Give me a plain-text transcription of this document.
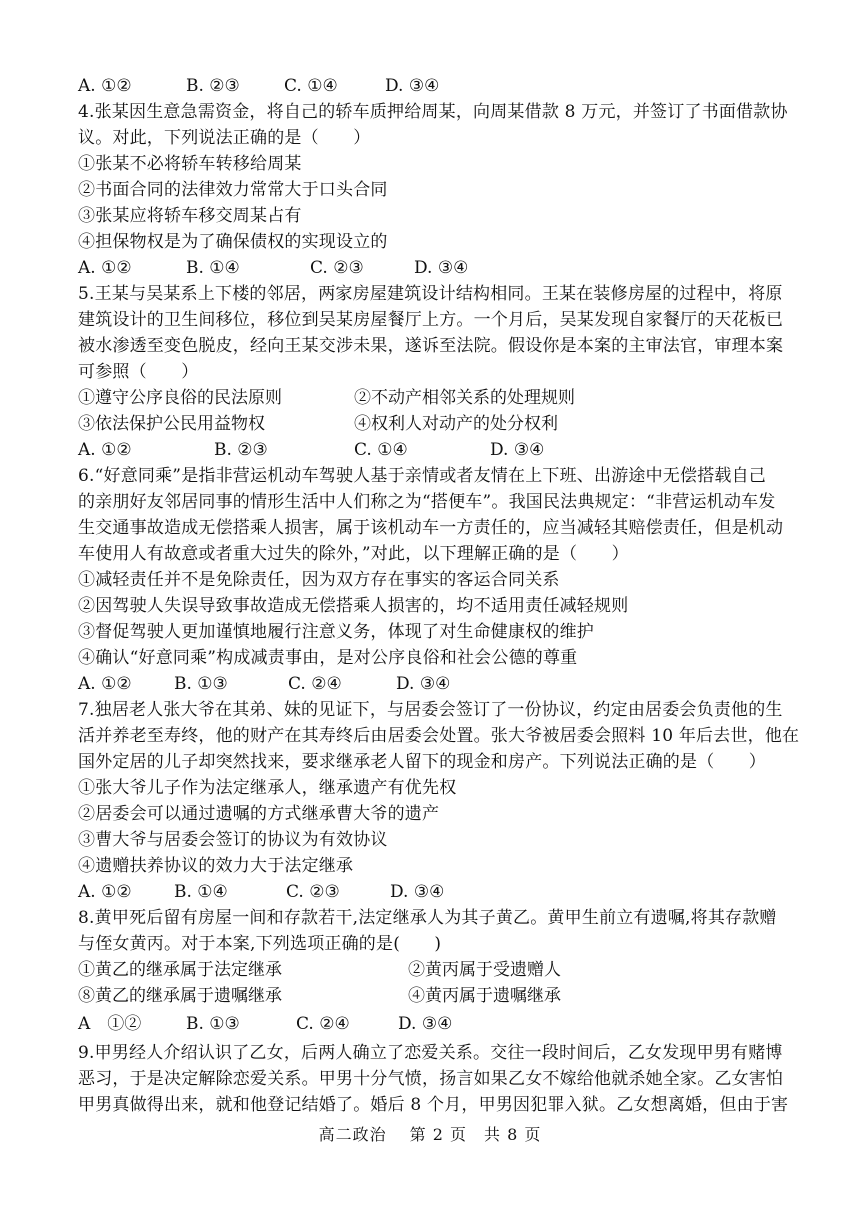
A. ①②	B. ②③	C. ①④	D. ③④
4.张某因生意急需资金，将自己的轿车质押给周某，向周某借款 8 万元，并签订了书面借款协
议。对此，下列说法正确的是（　　）
①张某不必将轿车转移给周某
②书面合同的法律效力常常大于口头合同
③张某应将轿车移交周某占有
④担保物权是为了确保债权的实现设立的
A. ①②	B. ①④	C. ②③	D. ③④
5.王某与吴某系上下楼的邻居，两家房屋建筑设计结构相同。王某在装修房屋的过程中，将原
建筑设计的卫生间移位，移位到吴某房屋餐厅上方。一个月后，吴某发现自家餐厅的天花板已
被水渗透至变色脱皮，经向王某交涉未果，遂诉至法院。假设你是本案的主审法官，审理本案
可参照（　　）
①遵守公序良俗的民法原则	②不动产相邻关系的处理规则
③依法保护公民用益物权	④权利人对动产的处分权利
A. ①②	B. ②③	C. ①④	D. ③④
6.“好意同乘”是指非营运机动车驾驶人基于亲情或者友情在上下班、出游途中无偿搭载自己
的亲朋好友邻居同事的情形生活中人们称之为“搭便车”。我国民法典规定：“非营运机动车发
生交通事故造成无偿搭乘人损害，属于该机动车一方责任的，应当减轻其赔偿责任，但是机动
车使用人有故意或者重大过失的除外，”对此，以下理解正确的是（　　）
①减轻责任并不是免除责任，因为双方存在事实的客运合同关系
②因驾驶人失误导致事故造成无偿搭乘人损害的，均不适用责任减轻规则
③督促驾驶人更加谨慎地履行注意义务，体现了对生命健康权的维护
④确认“好意同乘”构成减责事由，是对公序良俗和社会公德的尊重
A. ①② B. ①③	C. ②④	D. ③④
7.独居老人张大爷在其弟、妹的见证下，与居委会签订了一份协议，约定由居委会负责他的生
活并养老至寿终，他的财产在其寿终后由居委会处置。张大爷被居委会照料 10 年后去世，他在
国外定居的儿子却突然找来，要求继承老人留下的现金和房产。下列说法正确的是（　　）
①张大爷儿子作为法定继承人，继承遗产有优先权
②居委会可以通过遗嘱的方式继承曹大爷的遗产
③曹大爷与居委会签订的协议为有效协议
④遗赠扶养协议的效力大于法定继承
A. ①② B. ①④	C. ②③	D. ③④
8.黄甲死后留有房屋一间和存款若干,法定继承人为其子黄乙。黄甲生前立有遗嘱,将其存款赠
与侄女黄丙。对于本案,下列选项正确的是(　　)
①黄乙的继承属于法定继承	②黄丙属于受遗赠人
⑧黄乙的继承属于遗嘱继承	④黄丙属于遗嘱继承
A　①②	B. ①③	C. ②④	D. ③④
9.甲男经人介绍认识了乙女，后两人确立了恋爱关系。交往一段时间后，乙女发现甲男有赌博
恶习，于是决定解除恋爱关系。甲男十分气愤，扬言如果乙女不嫁给他就杀她全家。乙女害怕
甲男真做得出来，就和他登记结婚了。婚后 8 个月，甲男因犯罪入狱。乙女想离婚，但由于害
高二政治　 第 2 页　共 8 页
